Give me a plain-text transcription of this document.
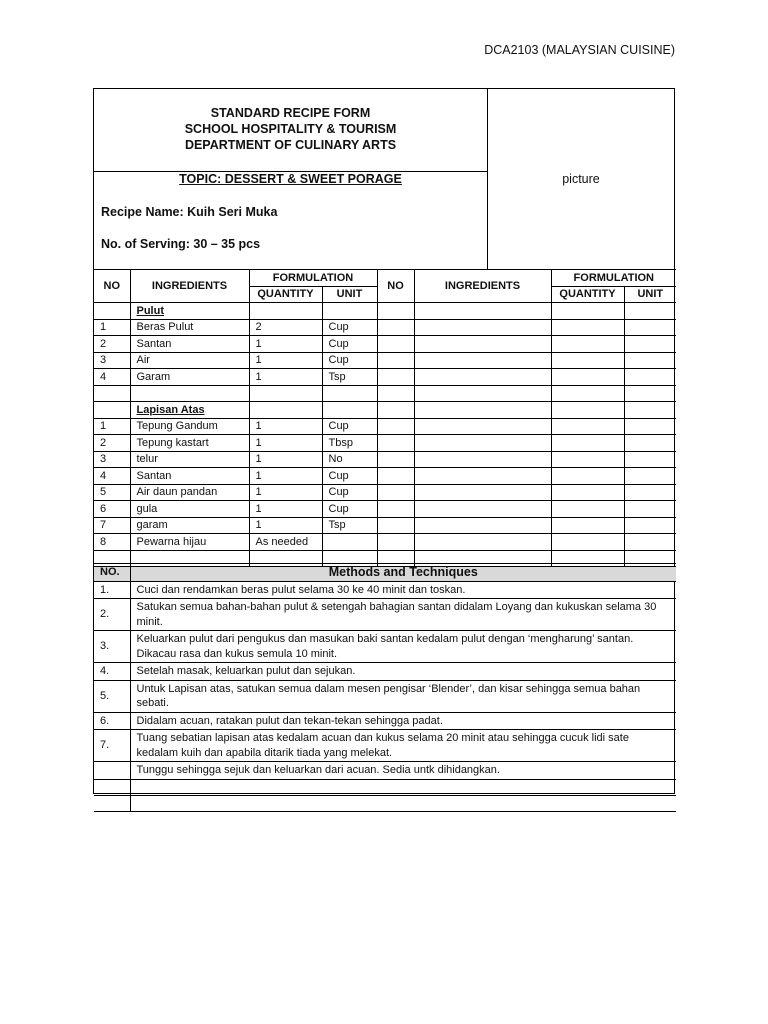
DCA2103 (MALAYSIAN CUISINE)
STANDARD RECIPE FORM
SCHOOL HOSPITALITY & TOURISM
DEPARTMENT OF CULINARY ARTS
TOPIC: DESSERT & SWEET PORAGE
Recipe Name: Kuih Seri Muka
No. of Serving: 30 – 35 pcs
picture
NO	INGREDIENTS	FORMULATION		NO	INGREDIENTS	FORMULATION	
		QUANTITY	UNIT			QUANTITY	UNIT
	Pulut						
1	Beras Pulut	2	Cup				
2	Santan	1	Cup				
3	Air	1	Cup				
4	Garam	1	Tsp				

	Lapisan Atas						
1	Tepung Gandum	1	Cup				
2	Tepung kastart	1	Tbsp				
3	telur	1	No				
4	Santan	1	Cup				
5	Air daun pandan	1	Cup				
6	gula	1	Cup				
7	garam	1	Tsp				
8	Pewarna hijau	As needed					

NO.	Methods and Techniques
1.	Cuci dan rendamkan beras pulut selama 30 ke 40 minit dan toskan.
2.	Satukan semua bahan-bahan pulut & setengah bahagian santan didalam Loyang dan kukuskan selama 30 minit.
3.	Keluarkan pulut dari pengukus dan masukan baki santan kedalam pulut dengan ‘mengharung’ santan. Dikacau rasa dan kukus semula 10 minit.
4.	Setelah masak, keluarkan pulut dan sejukan.
5.	Untuk Lapisan atas, satukan semua dalam mesen pengisar ‘Blender’, dan kisar sehingga semua bahan sebati.
6.	Didalam acuan, ratakan pulut dan tekan-tekan sehingga padat.
7.	Tuang sebatian lapisan atas kedalam acuan dan kukus selama 20 minit atau sehingga cucuk lidi sate kedalam kuih dan apabila ditarik tiada yang melekat.
	Tunggu sehingga sejuk dan keluarkan dari acuan. Sedia untk dihidangkan.
